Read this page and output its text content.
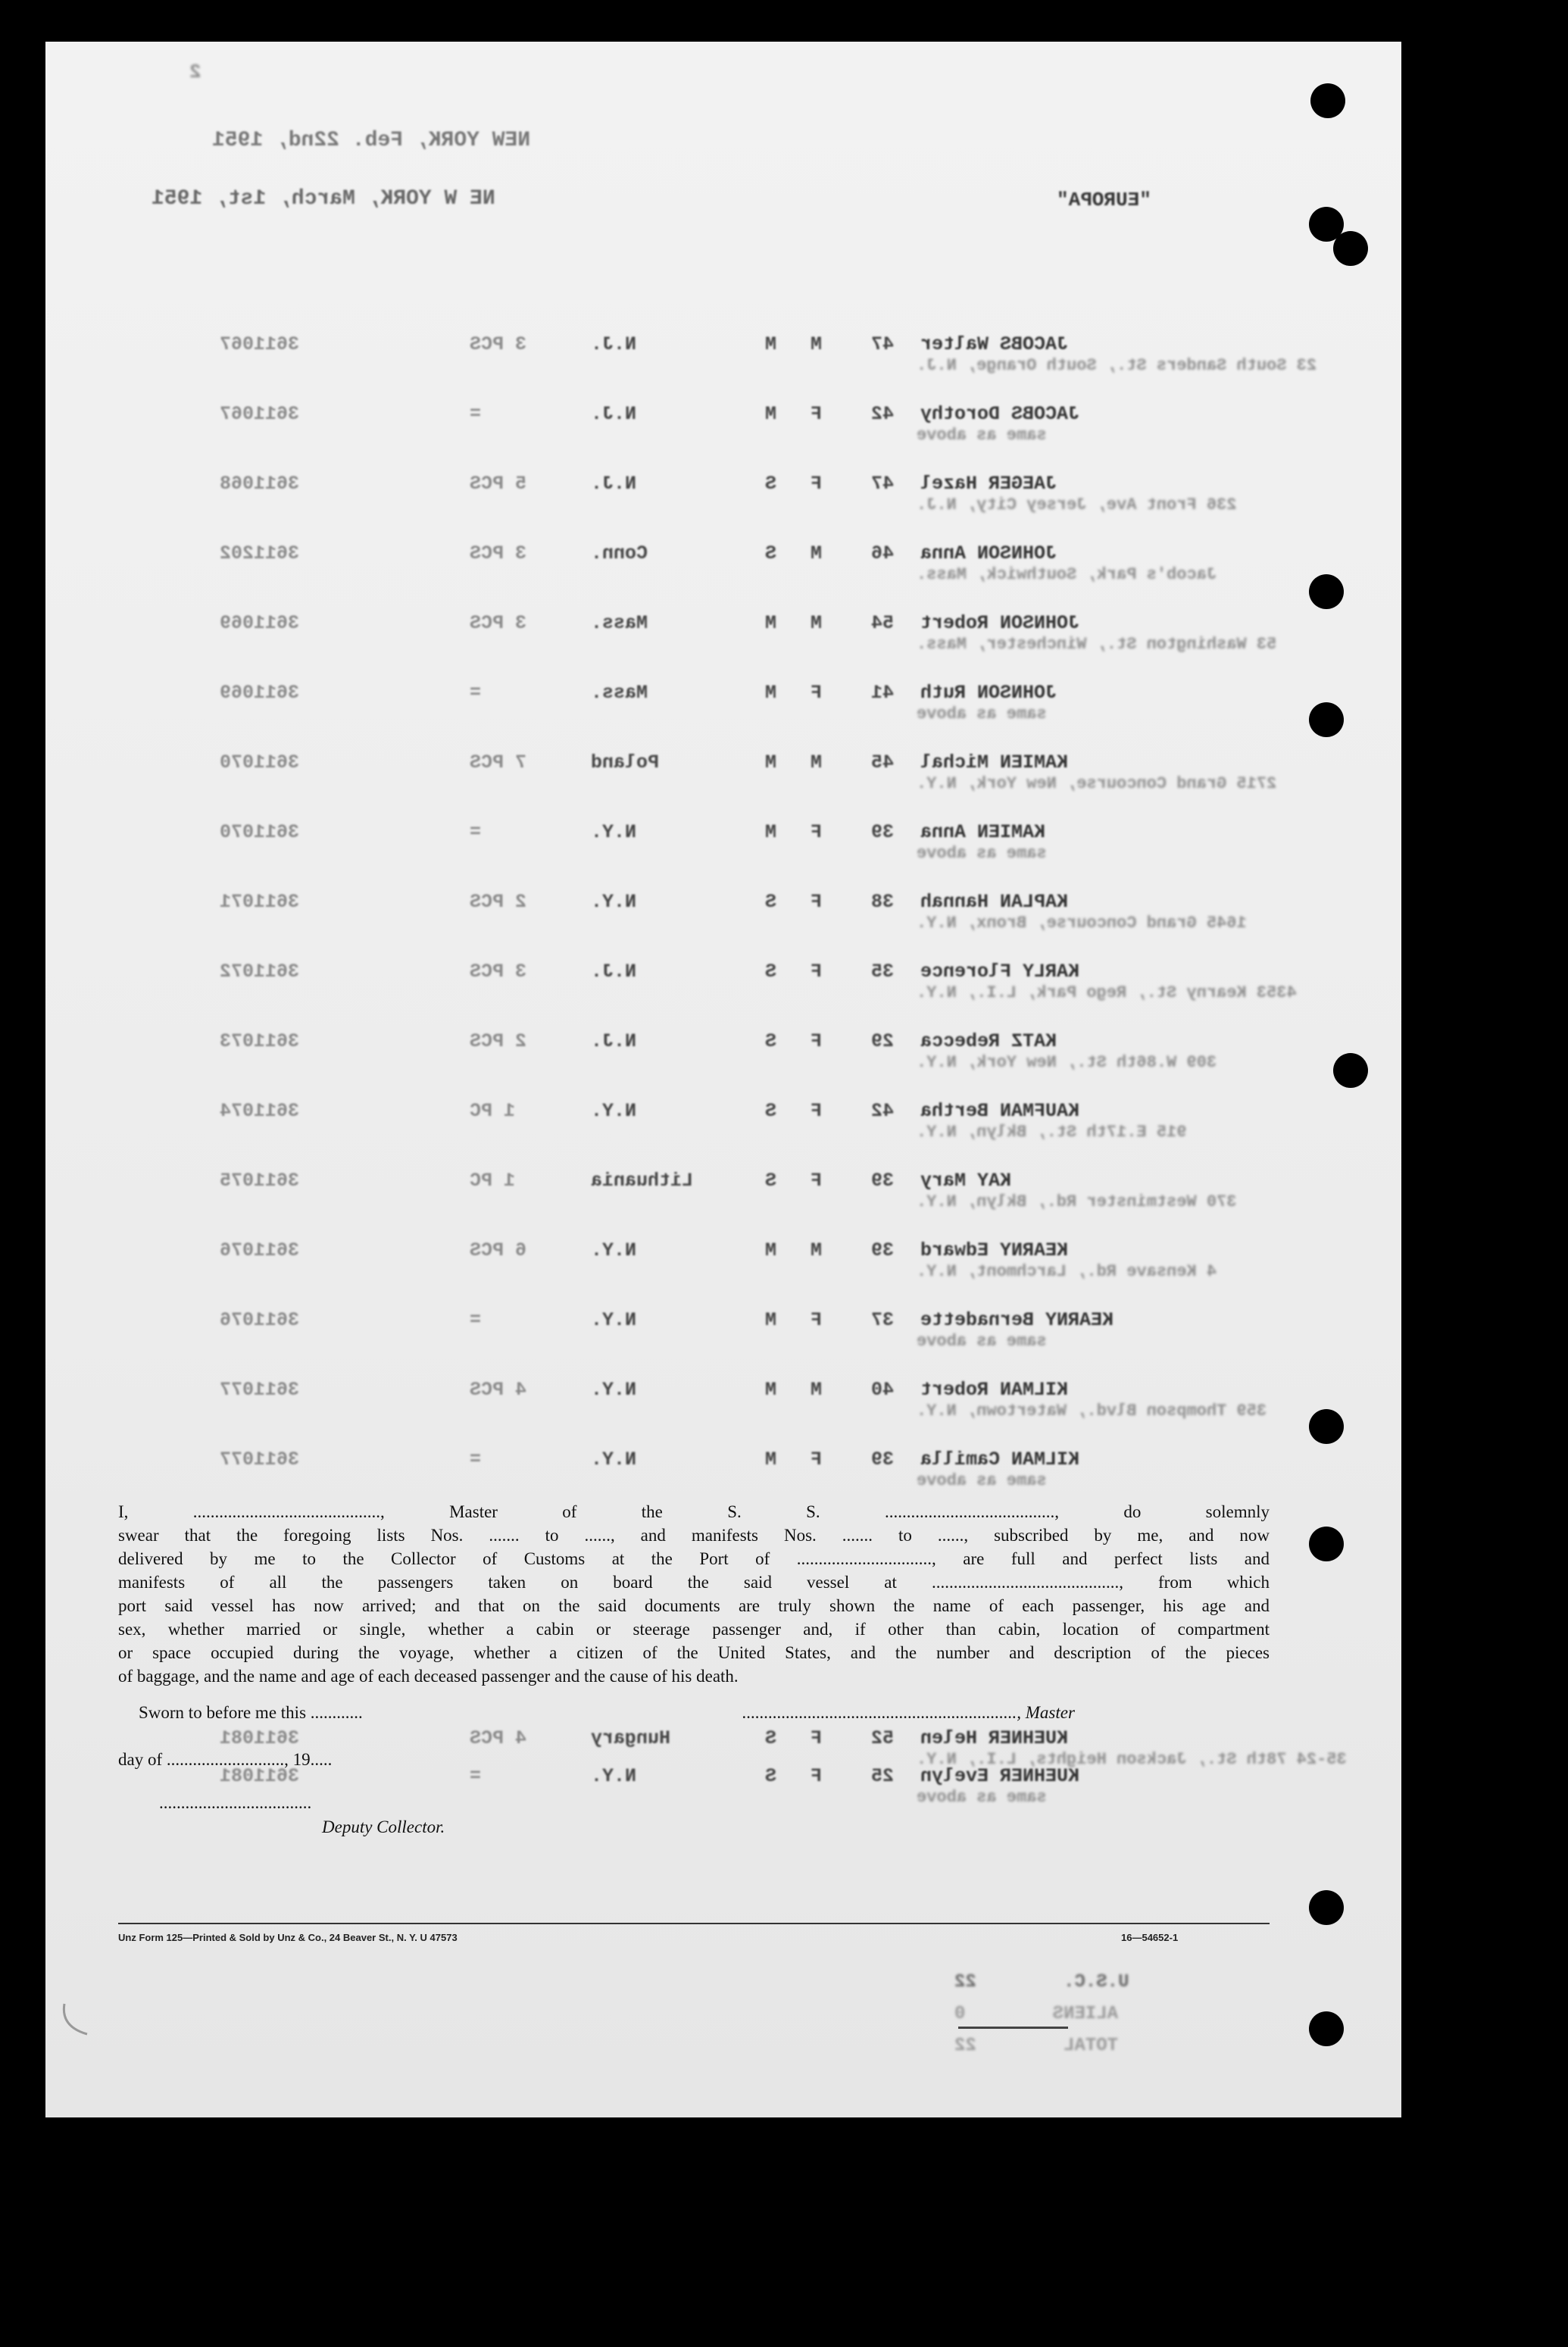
2
NEW YORK, Feb. 22nd, 1951
NE W YORK, March, 1st, 1951	"EUROPA"
3611067	3 PCS	N.J.	M M	47 JACOBS Walter
23 South Sanders St., South Orange, N.J.
3611067	=	N.J.	M F	42 JACOBS Dorothy
same as above
3611068	5 PCS	N.J.	S F	47 JAEGER Hazel
236 Front Ave, Jersey City, N.J.
3611202	3 PCS	Conn.	S M	46 JOHNSON Anna
Jacob's Park, Southwick, Mass.
3611069	3 PCS	Mass.	M M	54 JOHNSON Robert
53 Washington St., Winchester, Mass.
3611069	=	Mass.	M F	41 JOHNSON Ruth
same as above
3611070	7 PCS	Poland	M M	45 KAMIEN Michal
2715 Grand Concourse, New York, N.Y.
3611070	=	N.Y.	M F	39 KAMIEN Anna
same as above
3611071	2 PCS	N.Y.	S F	38 KAPLAN Hannah
1645 Grand Concourse, Bronx, N.Y.
3611072	3 PCS	N.J.	S F	35 KARLY Florence
4353 Kearny St., Rego Park, L.I., N.Y.
3611073	2 PCS	N.J.	S F	29 KATZ Rebecca
309 W.86th St., New York, N.Y.
3611074	1 PC	N.Y.	S F	42 KAUFMAN Bertha
915 E.17th St., Bklyn, N.Y.
3611075	1 PC	Lithuania	S F	39 KAY Mary
370 Westminster Rd., Bklyn, N.Y.
3611076	6 PCS	N.Y.	M M	39 KEARNY Edward
4 Kensave Rd., Larchmont, N.Y.
3611076	=	N.Y.	M F	37 KEARNY Bernadette
same as above
3611077	4 PCS	N.Y.	M M	40 KILMAN Robert
359 Thompson Blvd., Watertown, N.Y.
3611077	=	N.Y.	M F	39 KILMAN Camilla
same as above
3611081	4 PCS	Hungary	S F	52 KUEHNER Helen
35-24 78th St., Jackson Heights, L.I., N.Y.
3611081	=	N.Y.	S F	25 KUEHNER Evelyn
same as above

I, ..........................................., Master of the S. S. ......................................., do solemnly

swear that the foregoing lists Nos. ....... to ......, and manifests Nos. ....... to ......, subscribed by me, and now

delivered by me to the Collector of Customs at the Port of ..............................., are full and perfect lists and

manifests of all the passengers taken on board the said vessel at ..........................................., from which

port said vessel has now arrived; and that on the said documents are truly shown the name of each passenger, his age and

sex, whether married or single, whether a cabin or steerage passenger and, if other than cabin, location of compartment

or space occupied during the voyage, whether a citizen of the United States, and the number and description of the pieces

of baggage, and the name and age of each deceased passenger and the cause of his death.

Sworn to before me this ............	..............................................................., Master
day of ..........................., 19.....
...................................
Deputy Collector.
Unz Form 125—Printed & Sold by Unz & Co., 24 Beaver St., N. Y. U 47573	16—54652-1
U.S.C.        22
ALIENS        0
TOTAL        22
